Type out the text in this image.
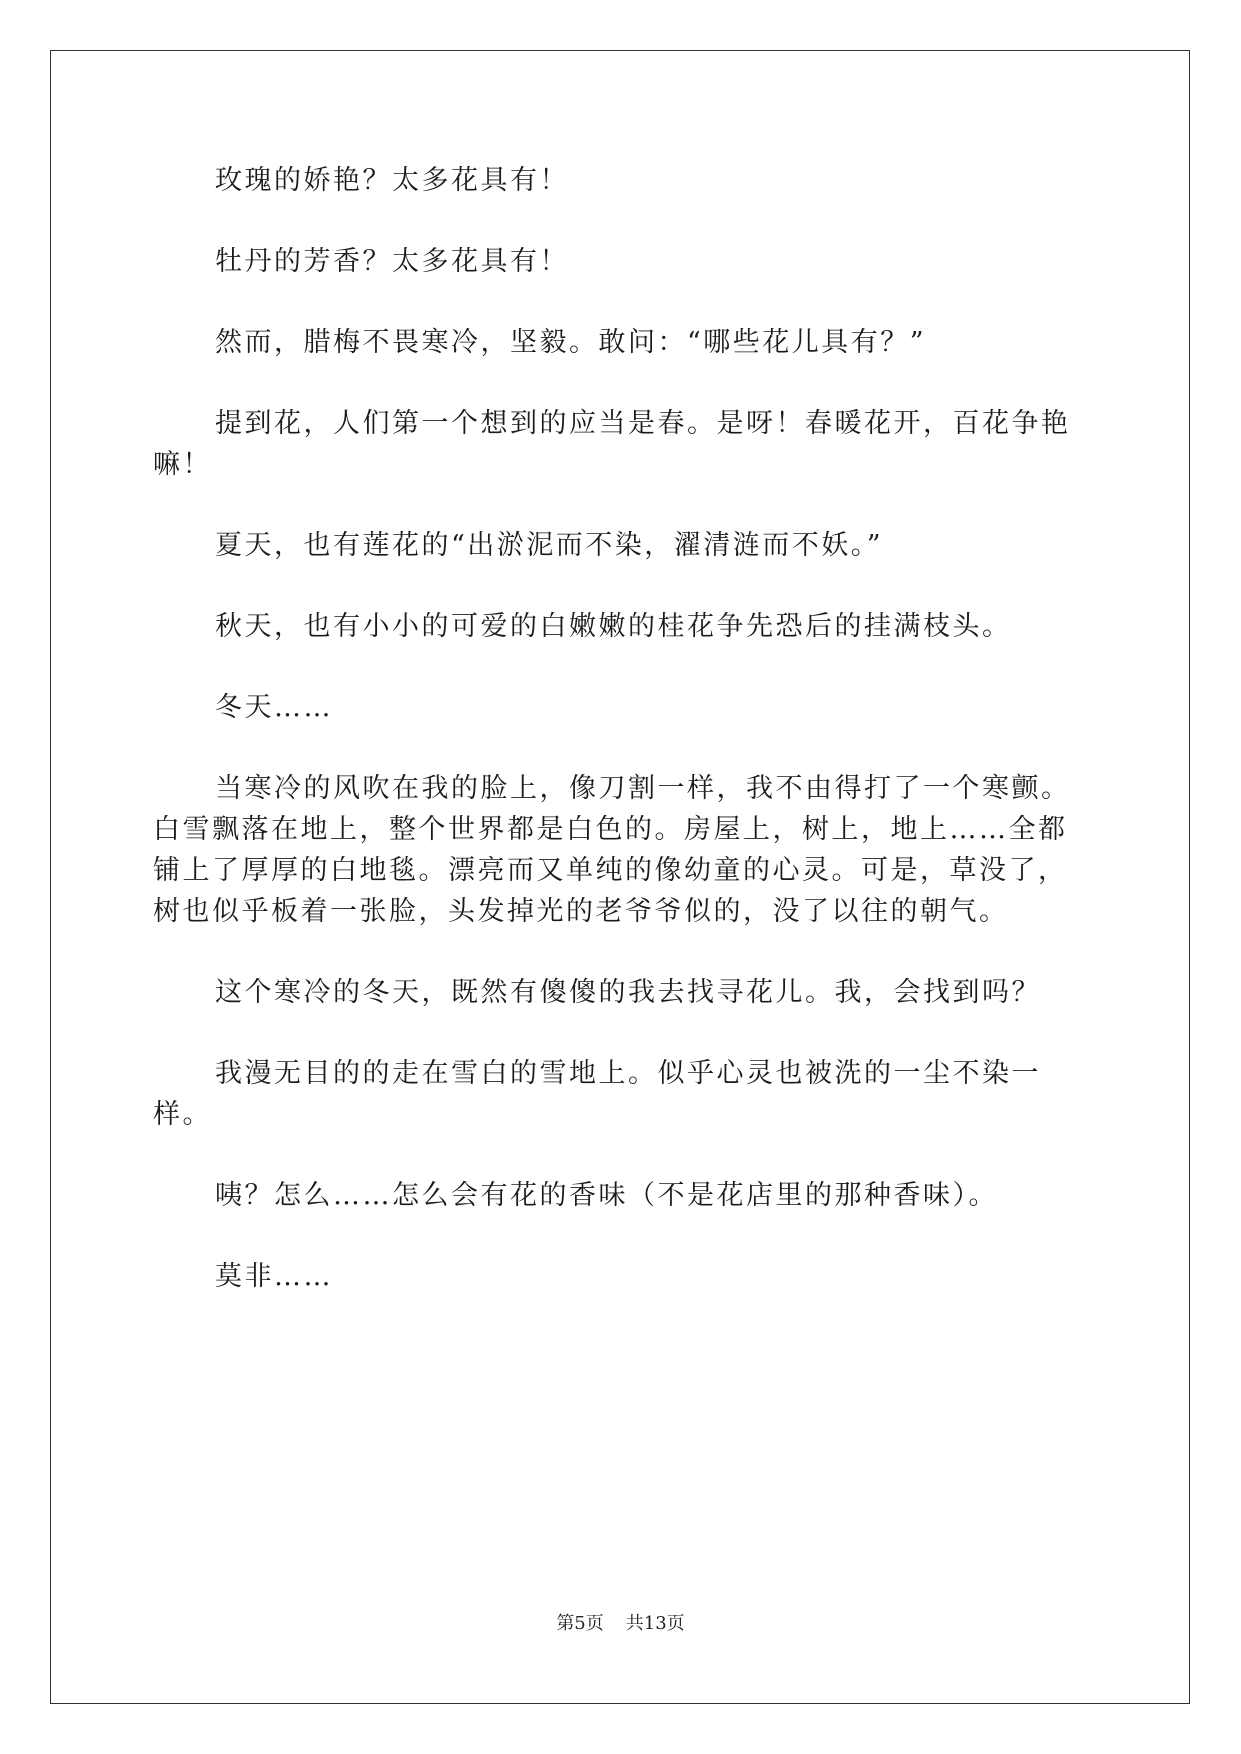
玫瑰的娇艳？太多花具有！

牡丹的芳香？太多花具有！

然而，腊梅不畏寒冷，坚毅。敢问：“哪些花儿具有？”

提到花，人们第一个想到的应当是春。是呀！春暖花开，百花争艳嘛！

夏天，也有莲花的“出淤泥而不染，濯清涟而不妖。”

秋天，也有小小的可爱的白嫩嫩的桂花争先恐后的挂满枝头。

冬天……

当寒冷的风吹在我的脸上，像刀割一样，我不由得打了一个寒颤。白雪飘落在地上，整个世界都是白色的。房屋上，树上，地上……全都铺上了厚厚的白地毯。漂亮而又单纯的像幼童的心灵。可是，草没了，树也似乎板着一张脸，头发掉光的老爷爷似的，没了以往的朝气。

这个寒冷的冬天，既然有傻傻的我去找寻花儿。我，会找到吗？

我漫无目的的走在雪白的雪地上。似乎心灵也被洗的一尘不染一样。

咦？怎么……怎么会有花的香味（不是花店里的那种香味）。

莫非……

第5页 共13页
